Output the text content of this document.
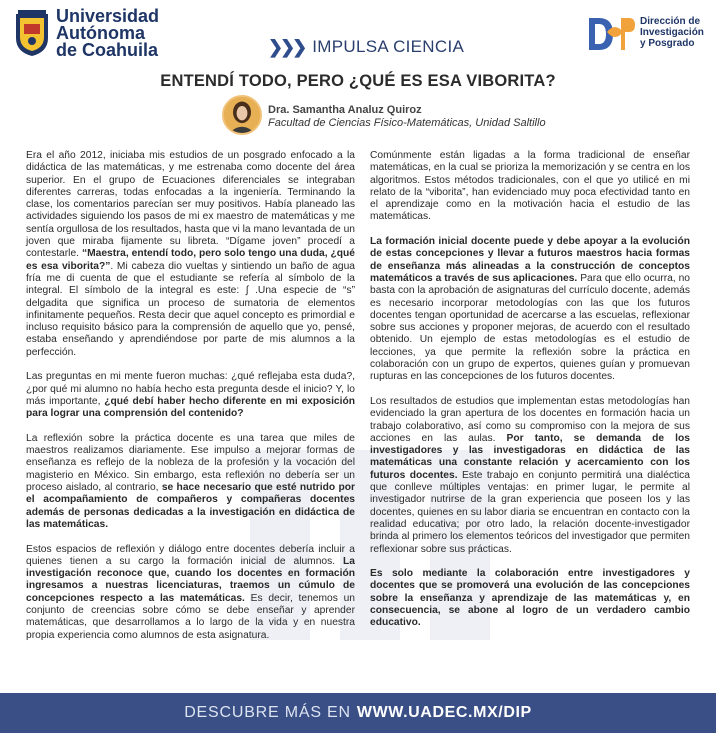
Universidad
Autónoma
de Coahuila	❯❯❯ IMPULSA CIENCIA
DIP
Dirección de
Investigación
y Posgrado
ENTENDÍ TODO, PERO ¿QUÉ ES ESA VIBORITA?
Dra. Samantha Analuz Quiroz
Facultad de Ciencias Físico-Matemáticas, Unidad Saltillo

Era el año 2012, iniciaba mis estudios de un posgrado enfocado a la didáctica de las matemáticas, y me estrenaba como docente del área superior. En el grupo de Ecuaciones diferenciales se integraban diferentes carreras, todas enfocadas a la ingeniería. Terminando la clase, los comentarios parecían ser muy positivos. Había planeado las actividades siguiendo los pasos de mi ex maestro de matemáticas y me sentía orgullosa de los resultados, hasta que vi la mano levantada de un joven que miraba fijamente su libreta. “Dígame joven” procedí a contestarle. “Maestra, entendí todo, pero solo tengo una duda, ¿qué es esa viborita?”. Mi cabeza dio vueltas y sintiendo un baño de agua fría me di cuenta de que el estudiante se refería al símbolo de la integral. El símbolo de la integral es este: ∫ .Una especie de “s” delgadita que significa un proceso de sumatoria de elementos infinitamente pequeños. Resta decir que aquel concepto es primordial e incluso requisito básico para la comprensión de aquello que yo, pensé, estaba enseñando y aprendiéndose por parte de mis alumnos a la perfección.

Las preguntas en mi mente fueron muchas: ¿qué reflejaba esta duda?, ¿por qué mi alumno no había hecho esta pregunta desde el inicio? Y, lo más importante, ¿qué debí haber hecho diferente en mi exposición para lograr una comprensión del contenido?

La reflexión sobre la práctica docente es una tarea que miles de maestros realizamos diariamente. Ese impulso a mejorar formas de enseñanza es reflejo de la nobleza de la profesión y la vocación del magisterio en México. Sin embargo, esta reflexión no debería ser un proceso aislado, al contrario, se hace necesario que esté nutrido por el acompañamiento de compañeros y compañeras docentes además de personas dedicadas a la investigación en didáctica de las matemáticas.

Estos espacios de reflexión y diálogo entre docentes debería incluir a quienes tienen a su cargo la formación inicial de alumnos. La investigación reconoce que, cuando los docentes en formación ingresamos a nuestras licenciaturas, traemos un cúmulo de concepciones respecto a las matemáticas. Es decir, tenemos un conjunto de creencias sobre cómo se debe enseñar y aprender matemáticas, que desarrollamos a lo largo de la vida y en nuestra propia experiencia como alumnos de esta asignatura.

Comúnmente están ligadas a la forma tradicional de enseñar matemáticas, en la cual se prioriza la memorización y se centra en los algoritmos. Estos métodos tradicionales, con el que yo utilicé en mi relato de la “viborita”, han evidenciado muy poca efectividad tanto en el aprendizaje como en la motivación hacia el estudio de las matemáticas.

La formación inicial docente puede y debe apoyar a la evolución de estas concepciones y llevar a futuros maestros hacia formas de enseñanza más alineadas a la construcción de conceptos matemáticos a través de sus aplicaciones. Para que ello ocurra, no basta con la aprobación de asignaturas del currículo docente, además es necesario incorporar metodologías con las que los futuros docentes tengan oportunidad de acercarse a las escuelas, reflexionar sobre sus acciones y proponer mejoras, de acuerdo con el resultado obtenido. Un ejemplo de estas metodologías es el estudio de lecciones, ya que permite la reflexión sobre la práctica en colaboración con un grupo de expertos, quienes guían y promuevan rupturas en las concepciones de los futuros docentes.

Los resultados de estudios que implementan estas metodologías han evidenciado la gran apertura de los docentes en formación hacia un trabajo colaborativo, así como su compromiso con la mejora de sus acciones en las aulas. Por tanto, se demanda de los investigadores y las investigadoras en didáctica de las matemáticas una constante relación y acercamiento con los futuros docentes. Este trabajo en conjunto permitirá una dialéctica que conlleve múltiples ventajas: en primer lugar, le permite al investigador nutrirse de la gran experiencia que poseen los y las docentes, quienes en su labor diaria se encuentran en contacto con la realidad educativa; por otro lado, la relación docente-investigador brinda al primero los elementos teóricos del investigador que permiten reflexionar sobre sus prácticas.

Es solo mediante la colaboración entre investigadores y docentes que se promoverá una evolución de las concepciones sobre la enseñanza y aprendizaje de las matemáticas y, en consecuencia, se abone al logro de un verdadero cambio educativo.

DESCUBRE MÁS EN WWW.UADEC.MX/DIP
